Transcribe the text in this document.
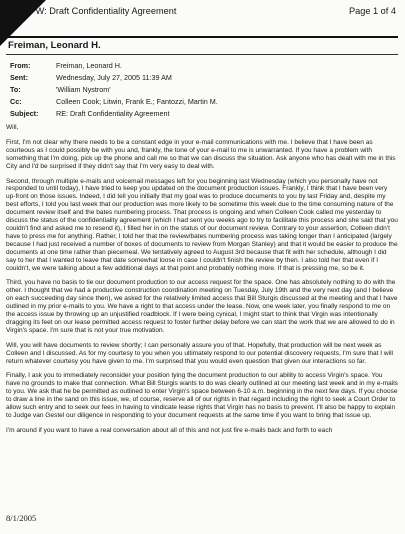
FW: Draft Confidentiality Agreement	Page 1 of 4
Freiman, Leonard H.
From:	Freiman, Leonard H.
Sent:	Wednesday, July 27, 2005 11:39 AM
To:	'William Nystrom'
Cc:	Colleen Cook; Litwin, Frank E.; Fantozzi, Martin M.
Subject: RE: Draft Confidentiality Agreement

Will,

First, I'm not clear why there needs to be a constant edge in your e-mail communications with me. I believe that I have been as courteous as I could possibly be with you and, frankly, the tone of your e-mail to me is unwarranted. If you have a problem with something that I'm doing, pick up the phone and call me so that we can discuss the situation. Ask anyone who has dealt with me in this City and I'd be surprised if they didn't say that I'm very easy to deal with.

Second, through multiple e-mails and voicemail messages left for you beginning last Wednesday (which you personally have not responded to until today), I have tried to keep you updated on the document production issues. Frankly, I think that I have been very up-front on those issues. Indeed, I did tell you initially that my goal was to produce documents to you by last Friday and, despite my best efforts, I told you last week that our production was more likely to be sometime this week due to the time consuming nature of the document review itself and the bates numbering process. That process is ongoing and when Colleen Cook called me yesterday to discuss the status of the confidentiality agreement (which I had sent you weeks ago to try to facilitate this process and she said that you couldn't find and asked me to resend it), I filled her in on the status of our document review. Contrary to your assertion, Colleen didn't have to press me for anything. Rather, I told her that the review/bates numbering process was taking longer than I anticipated (largely because I had just received a number of boxes of documents to review from Morgan Stanley) and that it would be easier to produce the documents at one time rather than piecemeal. We tentatively agreed to August 3rd because that fit with her schedule, although I did say to her that I wanted to leave that date somewhat loose in case I couldn't finish the review by then. I also told her that even if I couldn't, we were talking about a few additional days at that point and probably nothing more. If that is pressing me, so be it.

Third, you have no basis to tie our document production to our access request for the space. One has absolutely nothing to do with the other. I thought that we had a productive construction coordination meeting on Tuesday, July 19th and the very next day (and I believe on each succeeding day since then), we asked for the relatively limited access that Bill Sturgis discussed at the meeting and that I have outlined in my prior e-mails to you. We have a right to that access under the lease. Now, one week later, you finally respond to me on the access issue by throwing up an unjustified roadblock. If I were being cynical, I might start to think that Virgin was intentionally dragging its feet on our lease permitted access request to foster further delay before we can start the work that we are allowed to do in Virgin's space. I'm sure that is not your true motivation.

Will, you will have documents to review shortly; I can personally assure you of that. Hopefully, that production will be next week as Colleen and I discussed. As for my courtesy to you when you ultimately respond to our potential discovery requests, I'm sure that I will return whatever courtesy you have given to me. I'm surprised that you would even question that given our interactions so far.

Finally, I ask you to immediately reconsider your position tying the document production to our ability to access Virgin's space. You have no grounds to make that connection. What Bill Sturgis wants to do was clearly outlined at our meeting last week and in my e-mails to you. We ask that he be permitted as outlined to enter Virgin's space between 6-10 a.m. beginning in the next few days. If you choose to draw a line in the sand on this issue, we, of course, reserve all of our rights in that regard including the right to seek a Court Order to allow such entry and to seek our fees in having to vindicate lease rights that Virgin has no basis to prevent. I'll also be happy to explain to Judge van Gestel our diligence in responding to your document requests at the same time if you want to bring that issue up.

I'm around if you want to have a real conversation about all of this and not just fire e-mails back and forth to each

8/1/2005
